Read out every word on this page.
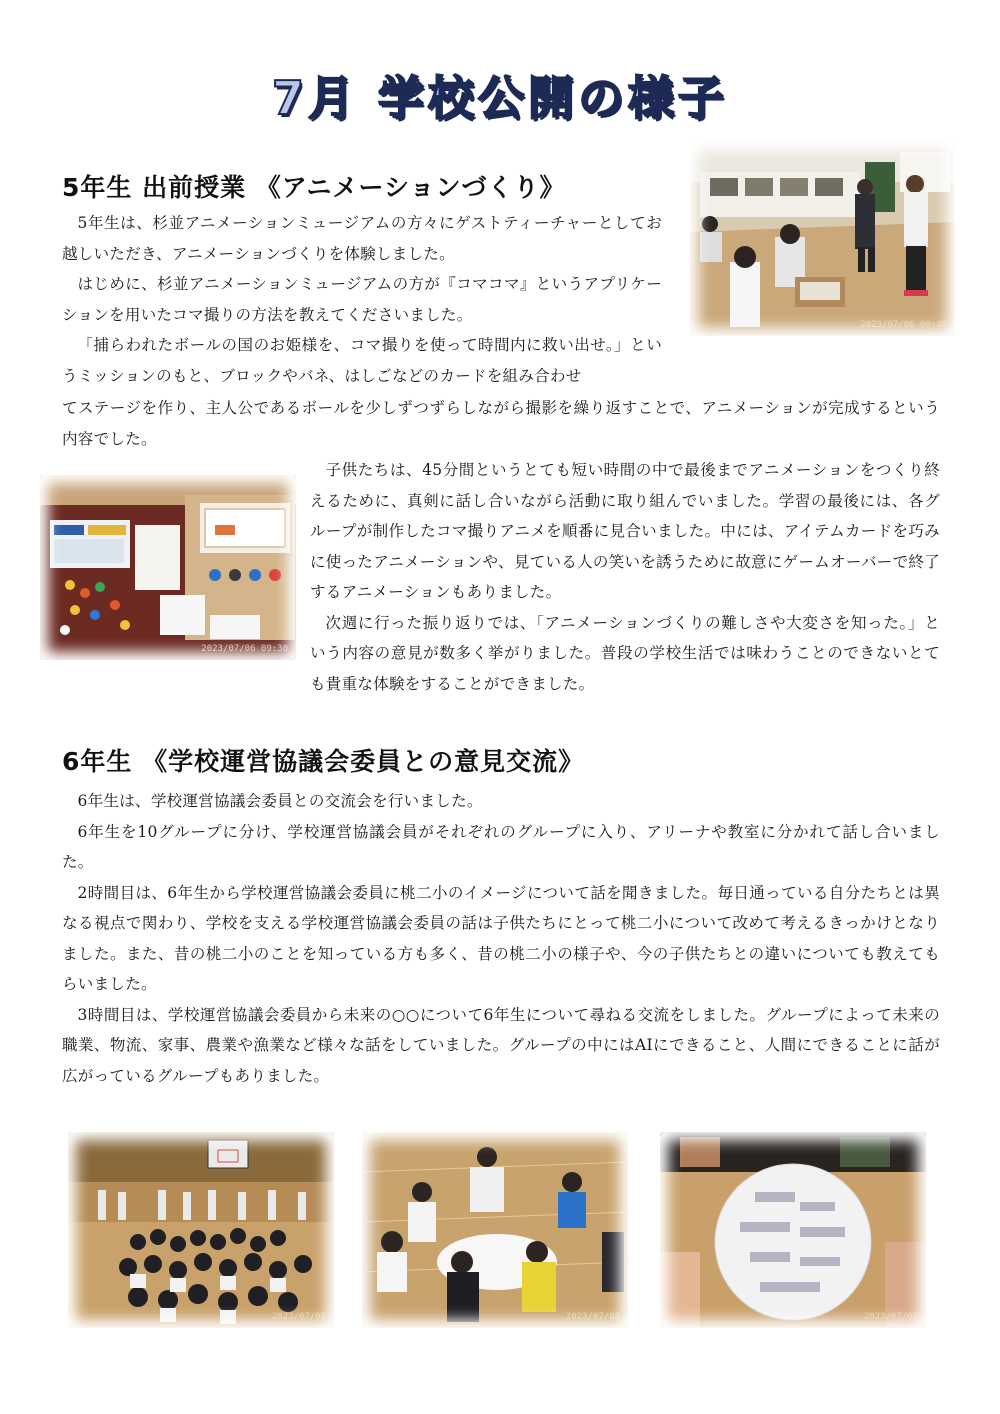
7月 学校公開の様子
5年生 出前授業 《アニメーションづくり》

5年生は、杉並アニメーションミュージアムの方々にゲストティーチャーとしてお越しいただき、アニメーションづくりを体験しました。

はじめに、杉並アニメーションミュージアムの方が『コマコマ』というアプリケーションを用いたコマ撮りの方法を教えてくださいました。

「捕らわれたボールの国のお姫様を、コマ撮りを使って時間内に救い出せ。」というミッションのもと、ブロックやバネ、はしごなどのカードを組み合わせ

てステージを作り、主人公であるボールを少しずつずらしながら撮影を繰り返すことで、アニメーションが完成するという内容でした。
2023/07/06 09:40
2023/07/06 09:30

子供たちは、45分間というとても短い時間の中で最後までアニメーションをつくり終えるために、真剣に話し合いながら活動に取り組んでいました。学習の最後には、各グループが制作したコマ撮りアニメを順番に見合いました。中には、アイテムカードを巧みに使ったアニメーションや、見ている人の笑いを誘うために故意にゲームオーバーで終了するアニメーションもありました。

次週に行った振り返りでは、「アニメーションづくりの難しさや大変さを知った。」という内容の意見が数多く挙がりました。普段の学校生活では味わうことのできないとても貴重な体験をすることができました。

6年生 《学校運営協議会委員との意見交流》

6年生は、学校運営協議会委員との交流会を行いました。

6年生を10グループに分け、学校運営協議会員がそれぞれのグループに入り、アリーナや教室に分かれて話し合いました。

2時間目は、6年生から学校運営協議会委員に桃二小のイメージについて話を聞きました。毎日通っている自分たちとは異なる視点で関わり、学校を支える学校運営協議会委員の話は子供たちにとって桃二小について改めて考えるきっかけとなりました。また、昔の桃二小のことを知っている方も多く、昔の桃二小の様子や、今の子供たちとの違いについても教えてもらいました。

3時間目は、学校運営協議会委員から未来の○○について6年生について尋ねる交流をしました。グループによって未来の職業、物流、家事、農業や漁業など様々な話をしていました。グループの中にはAIにできること、人間にできることに話が広がっているグループもありました。

2023/07/08	2023/07/08	2023/07/08
